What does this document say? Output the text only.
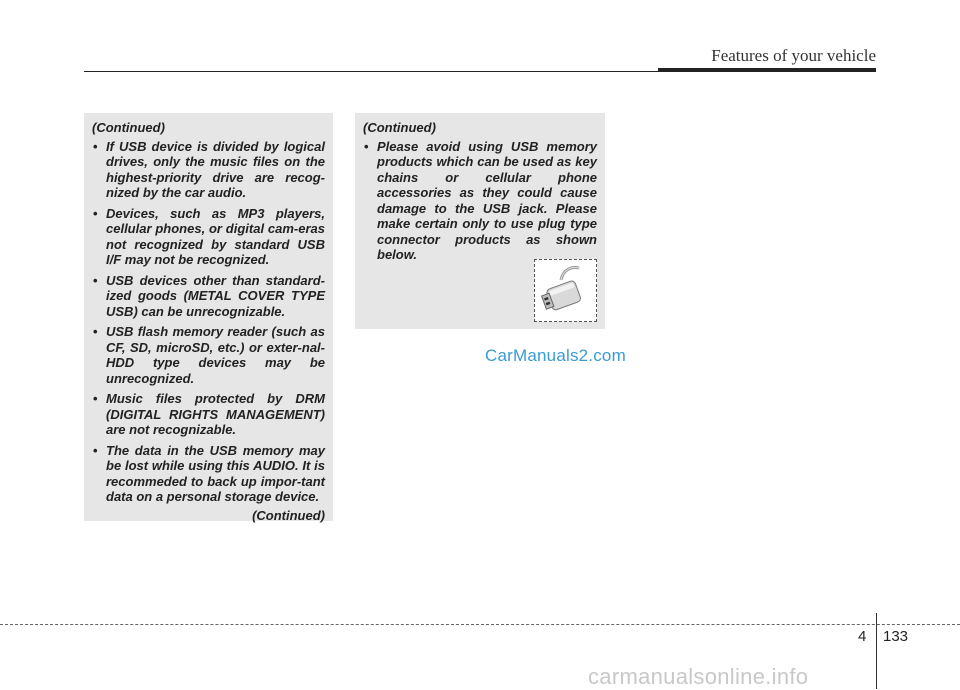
Features of your vehicle
(Continued)
• If USB device is divided by logical drives, only the music files on the highest-priority drive are recog-nized by the car audio.
• Devices, such as MP3 players, cellular phones, or digital cam-eras not recognized by standard USB I/F may not be recognized.
• USB devices other than standard-ized goods (METAL COVER TYPE USB) can be unrecognizable.
• USB flash memory reader (such as CF, SD, microSD, etc.) or exter-nal-HDD type devices may be unrecognized.
• Music files protected by DRM (DIGITAL RIGHTS MANAGEMENT) are not recognizable.
• The data in the USB memory may be lost while using this AUDIO. It is recommeded to back up impor-tant data on a personal storage device.
(Continued)
(Continued)
• Please avoid using USB memory products which can be used as key chains or cellular phone accessories as they could cause damage to the USB jack. Please make certain only to use plug type connector products as shown below.
CarManuals2.com
4 133
carmanualsonline.info
